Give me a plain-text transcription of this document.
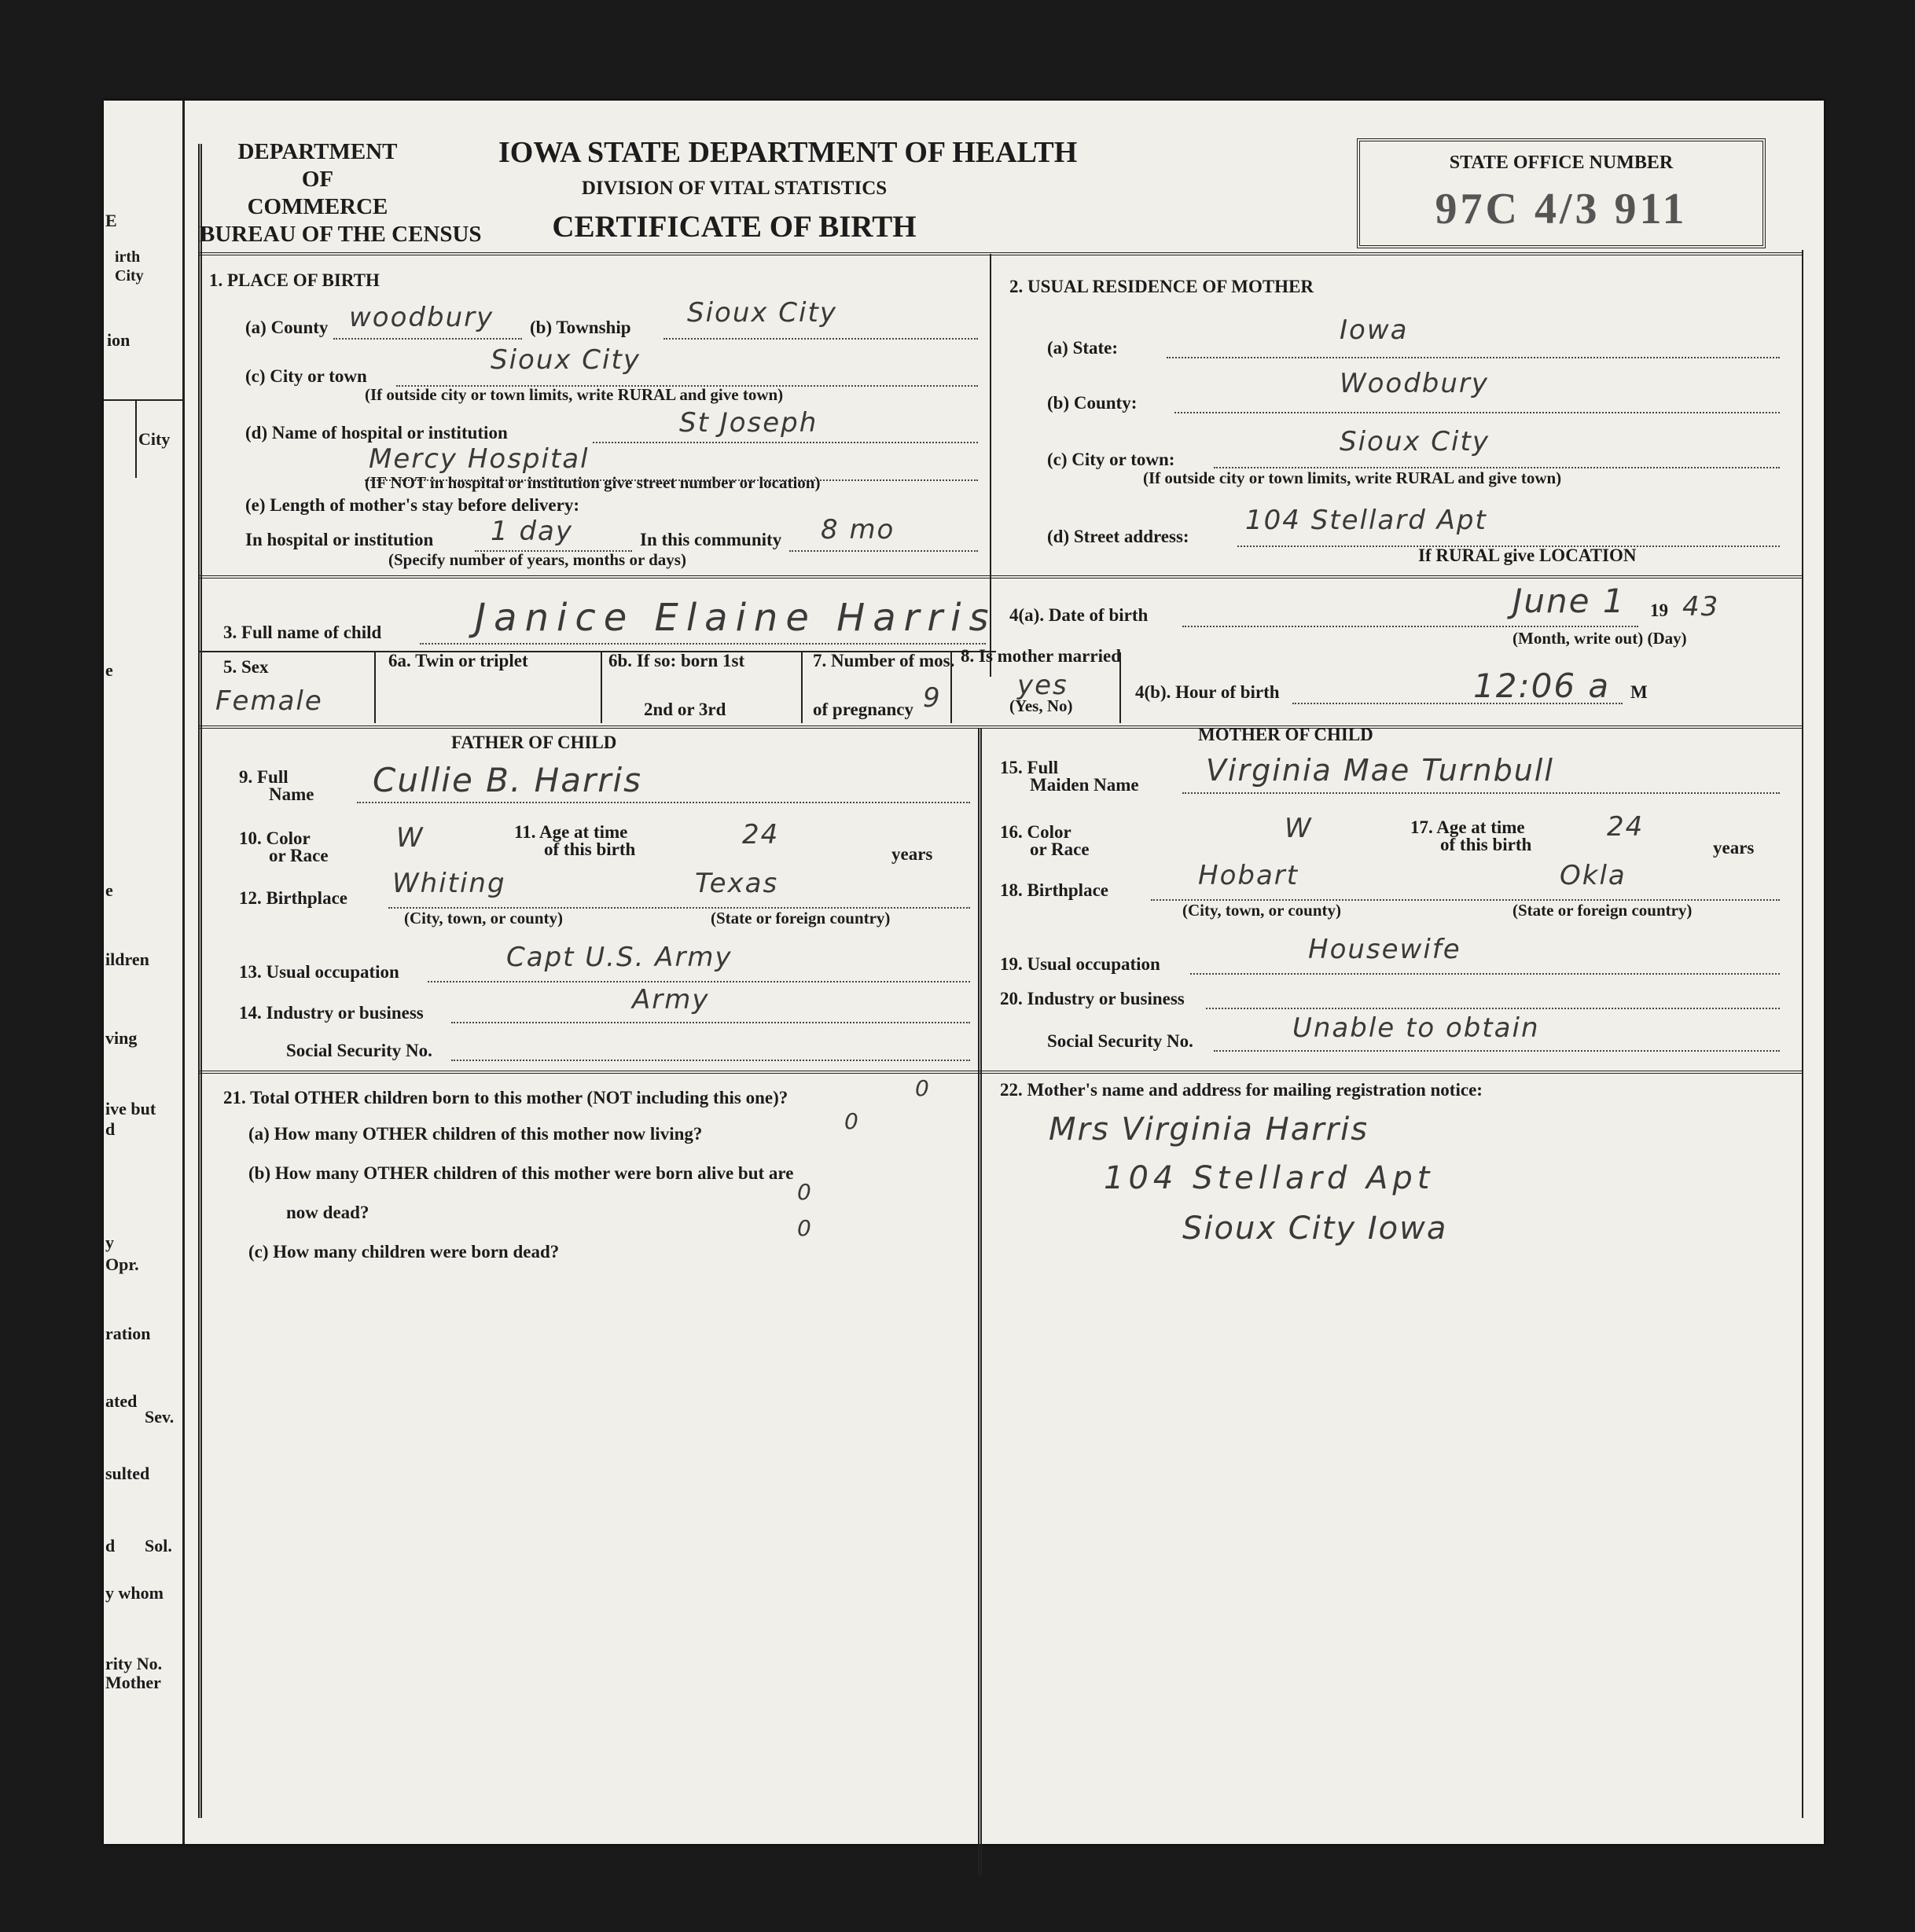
E
irth
City
ion
City
e
e
ildren
ving
ive but
d
y
Opr.
ration
ated
Sev.
sulted
d Sol.
y whom
rity No.
Mother
DEPARTMENT
OF
COMMERCE
BUREAU OF THE CENSUS
IOWA STATE DEPARTMENT OF HEALTH
DIVISION OF VITAL STATISTICS
CERTIFICATE OF BIRTH
STATE OFFICE NUMBER
97C 4/3 911
1. PLACE OF BIRTH
(a) County woodbury (b) Township Sioux City
(c) City or town
Sioux City
(If outside city or town limits, write RURAL and give town)
(d) Name of hospital or institution	St Joseph
Mercy Hospital
(IF NOT in hospital or institution give street number or location)
(e) Length of mother's stay before delivery:
In hospital or institution 1 day	In this community 8 mo
(Specify number of years, months or days)
2. USUAL RESIDENCE OF MOTHER
(a) State:
Iowa
(b) County:
Woodbury
(c) City or town:
Sioux City
(If outside city or town limits, write RURAL and give town)
(d) Street address:
104 Stellard Apt
If RURAL give LOCATION
3. Full name of child Janice Elaine Harris 4(a). Date of birth	June 1 19 43
(Month, write out) (Day)
5. Sex
Female
6a. Twin or triplet	6b. If so: born 1st
2nd or 3rd
7. Number of mos.
of pregnancy 9
8. Is mother married
yes
(Yes, No)
4(b). Hour of birth	12:06 a M
FATHER OF CHILD	MOTHER OF CHILD
9. Full
Name Cullie B. Harris
10. Color
or Race
W	11. Age at time
of this birth	24
years
12. Birthplace Whiting	Texas
(City, town, or county)	(State or foreign country)
13. Usual occupation	Capt U.S. Army
14. Industry or business	Army
Social Security No.
15. Full
Maiden Name Virginia Mae Turnbull
16. Color
or Race
W	17. Age at time
of this birth
24
years
18. Birthplace	Hobart	Okla
(City, town, or county)	(State or foreign country)
19. Usual occupation	Housewife
20. Industry or business
Social Security No.	Unable to obtain
21. Total OTHER children born to this mother (NOT including this one)?	0
(a) How many OTHER children of this mother now living?	0
(b) How many OTHER children of this mother were born alive but are
now dead?
0
(c) How many children were born dead?
0
22. Mother's name and address for mailing registration notice:
Mrs Virginia Harris
104 Stellard Apt
Sioux City Iowa
